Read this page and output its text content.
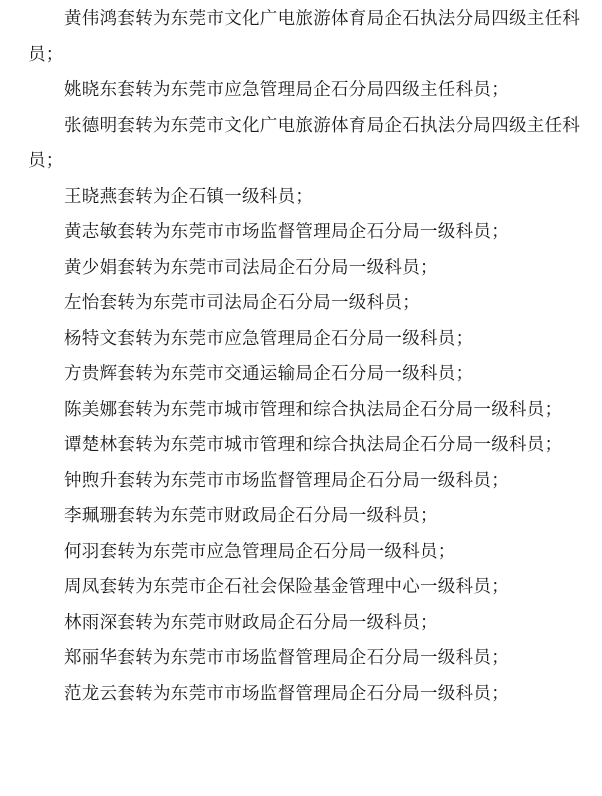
黄伟鸿套转为东莞市文化广电旅游体育局企石执法分局四级主任科员；

姚晓东套转为东莞市应急管理局企石分局四级主任科员；

张德明套转为东莞市文化广电旅游体育局企石执法分局四级主任科员；

王晓燕套转为企石镇一级科员；

黄志敏套转为东莞市市场监督管理局企石分局一级科员；

黄少娟套转为东莞市司法局企石分局一级科员；

左怡套转为东莞市司法局企石分局一级科员；

杨特文套转为东莞市应急管理局企石分局一级科员；

方贵辉套转为东莞市交通运输局企石分局一级科员；

陈美娜套转为东莞市城市管理和综合执法局企石分局一级科员；

谭楚林套转为东莞市城市管理和综合执法局企石分局一级科员；

钟煦升套转为东莞市市场监督管理局企石分局一级科员；

李珮珊套转为东莞市财政局企石分局一级科员；

何羽套转为东莞市应急管理局企石分局一级科员；

周凤套转为东莞市企石社会保险基金管理中心一级科员；

林雨深套转为东莞市财政局企石分局一级科员；

郑丽华套转为东莞市市场监督管理局企石分局一级科员；

范龙云套转为东莞市市场监督管理局企石分局一级科员；
